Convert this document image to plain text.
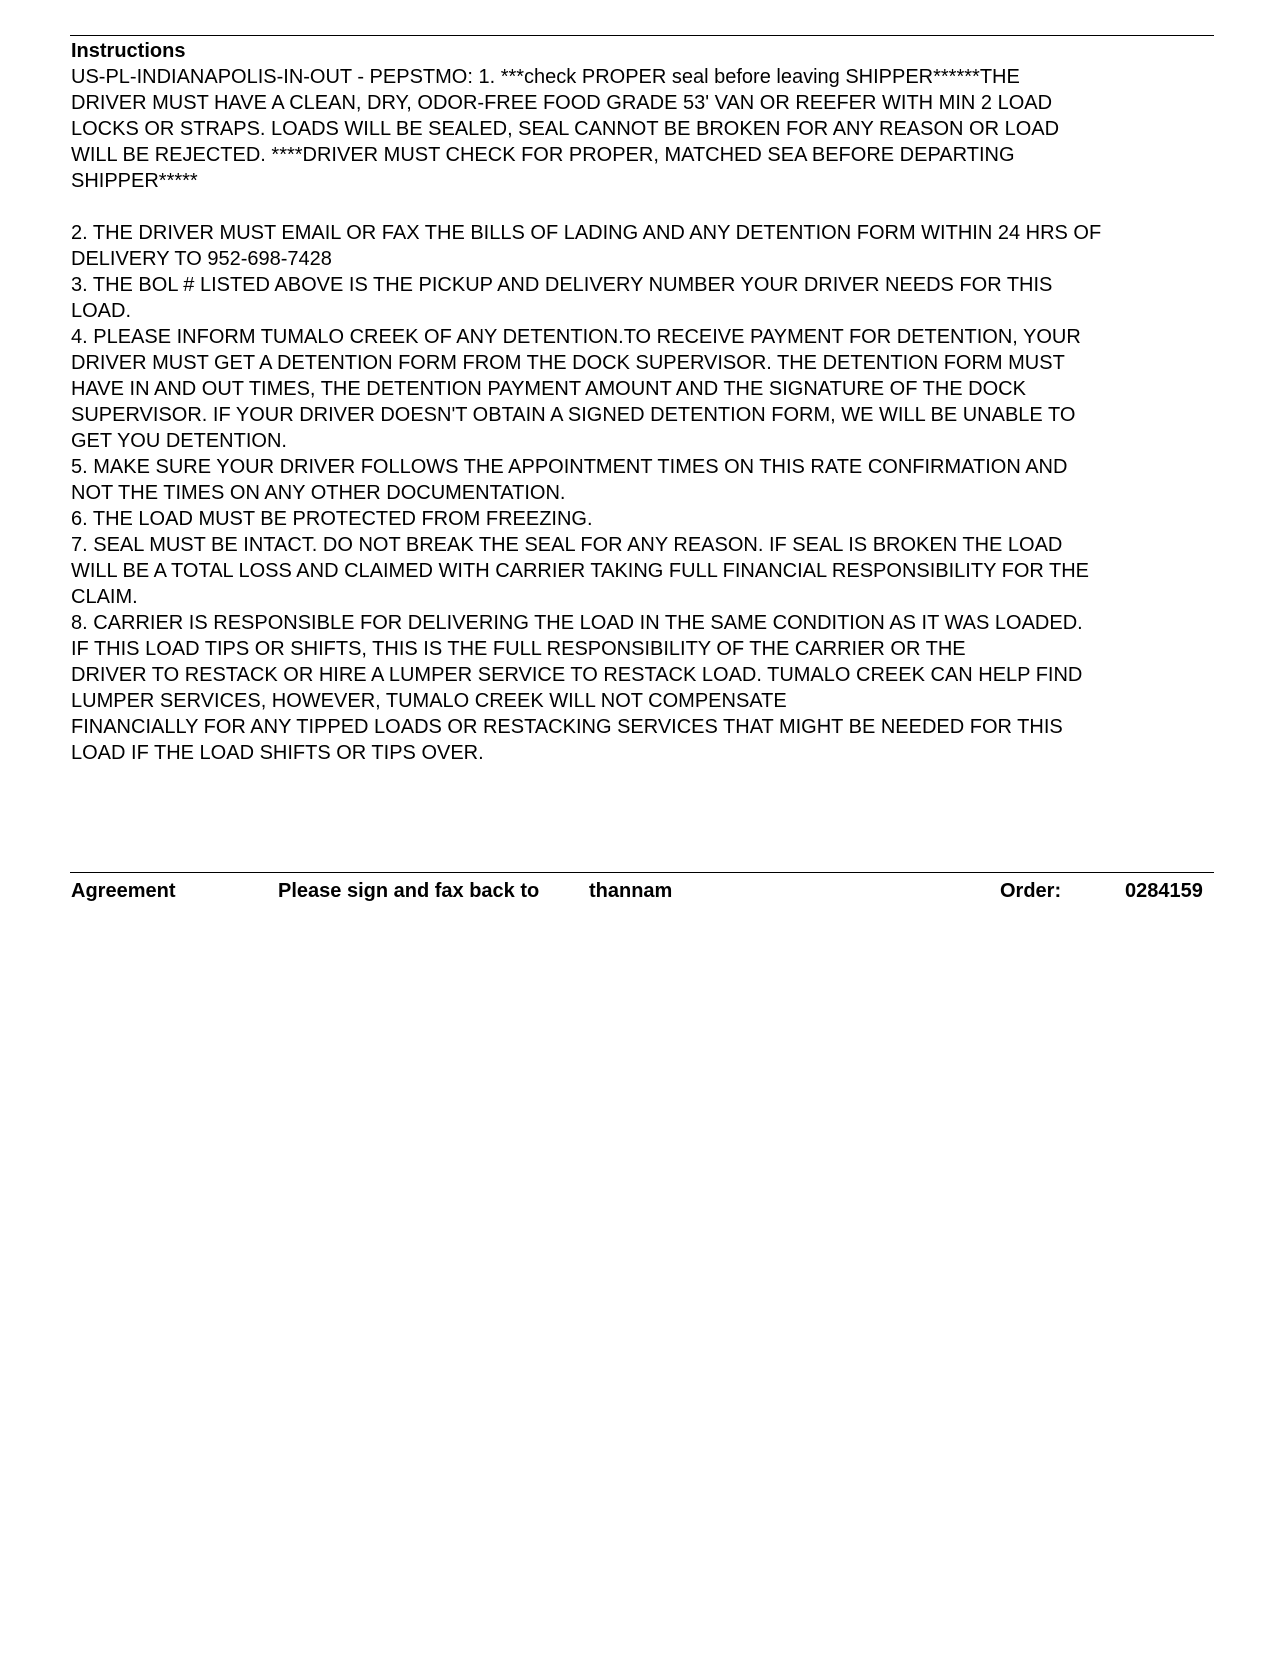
Instructions
US-PL-INDIANAPOLIS-IN-OUT - PEPSTMO: 1. ***check PROPER seal before leaving SHIPPER******THE
DRIVER MUST HAVE A CLEAN, DRY, ODOR-FREE FOOD GRADE 53' VAN OR REEFER WITH MIN 2 LOAD
LOCKS OR STRAPS. LOADS WILL BE SEALED, SEAL CANNOT BE BROKEN FOR ANY REASON OR LOAD
WILL BE REJECTED. ****DRIVER MUST CHECK FOR PROPER, MATCHED SEA BEFORE DEPARTING
SHIPPER*****
2. THE DRIVER MUST EMAIL OR FAX THE BILLS OF LADING AND ANY DETENTION FORM WITHIN 24 HRS OF
DELIVERY TO 952-698-7428
3. THE BOL # LISTED ABOVE IS THE PICKUP AND DELIVERY NUMBER YOUR DRIVER NEEDS FOR THIS
LOAD.
4. PLEASE INFORM TUMALO CREEK OF ANY DETENTION.TO RECEIVE PAYMENT FOR DETENTION, YOUR
DRIVER MUST GET A DETENTION FORM FROM THE DOCK SUPERVISOR. THE DETENTION FORM MUST
HAVE IN AND OUT TIMES, THE DETENTION PAYMENT AMOUNT AND THE SIGNATURE OF THE DOCK
SUPERVISOR. IF YOUR DRIVER DOESN'T OBTAIN A SIGNED DETENTION FORM, WE WILL BE UNABLE TO
GET YOU DETENTION.
5. MAKE SURE YOUR DRIVER FOLLOWS THE APPOINTMENT TIMES ON THIS RATE CONFIRMATION AND
NOT THE TIMES ON ANY OTHER DOCUMENTATION.
6. THE LOAD MUST BE PROTECTED FROM FREEZING.
7. SEAL MUST BE INTACT. DO NOT BREAK THE SEAL FOR ANY REASON. IF SEAL IS BROKEN THE LOAD
WILL BE A TOTAL LOSS AND CLAIMED WITH CARRIER TAKING FULL FINANCIAL RESPONSIBILITY FOR THE
CLAIM.
8. CARRIER IS RESPONSIBLE FOR DELIVERING THE LOAD IN THE SAME CONDITION AS IT WAS LOADED.
IF THIS LOAD TIPS OR SHIFTS, THIS IS THE FULL RESPONSIBILITY OF THE CARRIER OR THE
DRIVER TO RESTACK OR HIRE A LUMPER SERVICE TO RESTACK LOAD. TUMALO CREEK CAN HELP FIND
LUMPER SERVICES, HOWEVER, TUMALO CREEK WILL NOT COMPENSATE
FINANCIALLY FOR ANY TIPPED LOADS OR RESTACKING SERVICES THAT MIGHT BE NEEDED FOR THIS
LOAD IF THE LOAD SHIFTS OR TIPS OVER.
Agreement	Please sign and fax back to thannam	Order:	0284159
